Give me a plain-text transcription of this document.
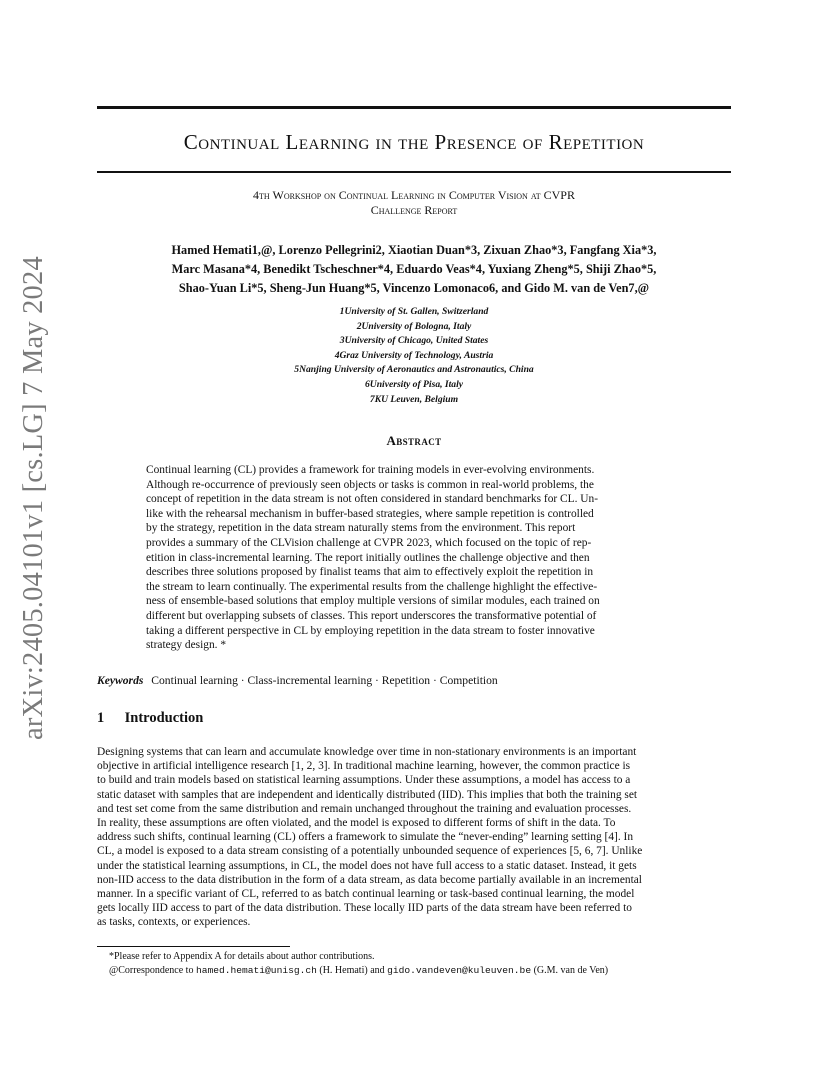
arXiv:2405.04101v1 [cs.LG] 7 May 2024
Continual Learning in the Presence of Repetition
4th Workshop on Continual Learning in Computer Vision at CVPR
Challenge Report
Hamed Hemati1,@, Lorenzo Pellegrini2, Xiaotian Duan*3, Zixuan Zhao*3, Fangfang Xia*3,
Marc Masana*4, Benedikt Tscheschner*4, Eduardo Veas*4, Yuxiang Zheng*5, Shiji Zhao*5,
Shao-Yuan Li*5, Sheng-Jun Huang*5, Vincenzo Lomonaco6, and Gido M. van de Ven7,@
1University of St. Gallen, Switzerland
2University of Bologna, Italy
3University of Chicago, United States
4Graz University of Technology, Austria
5Nanjing University of Aeronautics and Astronautics, China
6University of Pisa, Italy
7KU Leuven, Belgium
Abstract
Continual learning (CL) provides a framework for training models in ever-evolving environments.
Although re-occurrence of previously seen objects or tasks is common in real-world problems, the
concept of repetition in the data stream is not often considered in standard benchmarks for CL. Un-
like with the rehearsal mechanism in buffer-based strategies, where sample repetition is controlled
by the strategy, repetition in the data stream naturally stems from the environment. This report
provides a summary of the CLVision challenge at CVPR 2023, which focused on the topic of rep-
etition in class-incremental learning. The report initially outlines the challenge objective and then
describes three solutions proposed by finalist teams that aim to effectively exploit the repetition in
the stream to learn continually. The experimental results from the challenge highlight the effective-
ness of ensemble-based solutions that employ multiple versions of similar modules, each trained on
different but overlapping subsets of classes. This report underscores the transformative potential of
taking a different perspective in CL by employing repetition in the data stream to foster innovative
strategy design. *
Keywords Continual learning · Class-incremental learning · Repetition · Competition
1 Introduction
Designing systems that can learn and accumulate knowledge over time in non-stationary environments is an important
objective in artificial intelligence research [1, 2, 3]. In traditional machine learning, however, the common practice is
to build and train models based on statistical learning assumptions. Under these assumptions, a model has access to a
static dataset with samples that are independent and identically distributed (IID). This implies that both the training set
and test set come from the same distribution and remain unchanged throughout the training and evaluation processes.
In reality, these assumptions are often violated, and the model is exposed to different forms of shift in the data. To
address such shifts, continual learning (CL) offers a framework to simulate the “never-ending” learning setting [4]. In
CL, a model is exposed to a data stream consisting of a potentially unbounded sequence of experiences [5, 6, 7]. Unlike
under the statistical learning assumptions, in CL, the model does not have full access to a static dataset. Instead, it gets
non-IID access to the data distribution in the form of a data stream, as data become partially available in an incremental
manner. In a specific variant of CL, referred to as batch continual learning or task-based continual learning, the model
gets locally IID access to part of the data distribution. These locally IID parts of the data stream have been referred to
as tasks, contexts, or experiences.
*Please refer to Appendix A for details about author contributions.
@Correspondence to hamed.hemati@unisg.ch (H. Hemati) and gido.vandeven@kuleuven.be (G.M. van de Ven)
